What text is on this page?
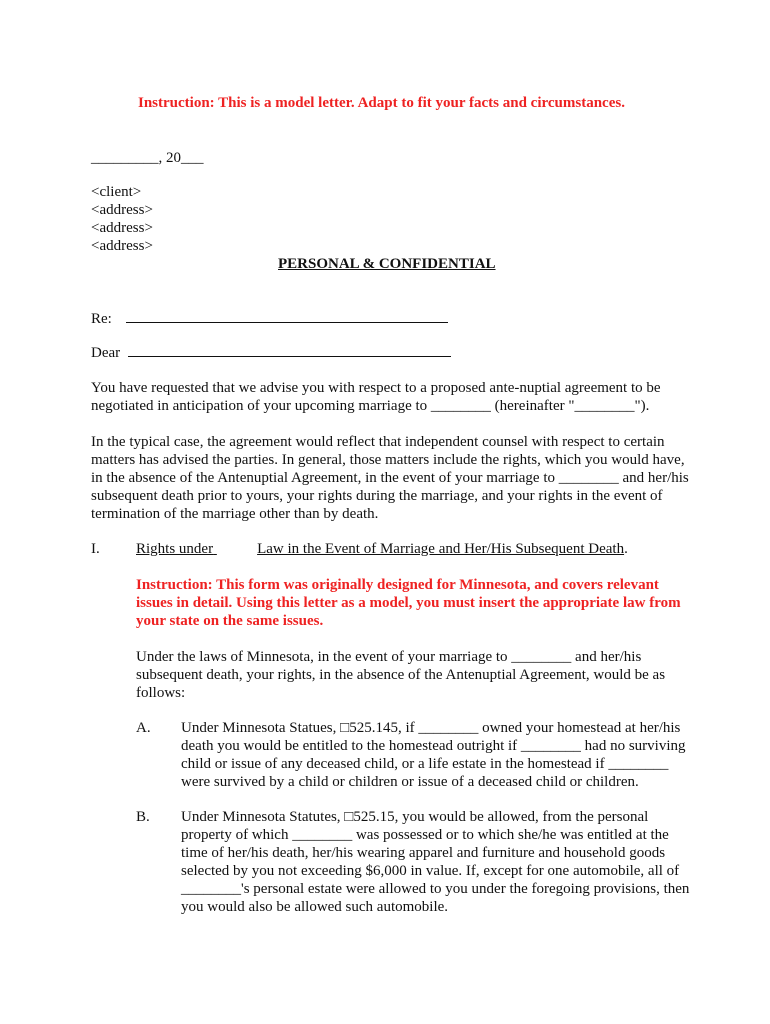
Instruction: This is a model letter. Adapt to fit your facts and circumstances.
_________, 20___
<client>
<address>
<address>
<address>
PERSONAL & CONFIDENTIAL
Re:
Dear
You have requested that we advise you with respect to a proposed ante-nuptial agreement to be
negotiated in anticipation of your upcoming marriage to ________ (hereinafter "________").
In the typical case, the agreement would reflect that independent counsel with respect to certain
matters has advised the parties. In general, those matters include the rights, which you would have,
in the absence of the Antenuptial Agreement, in the event of your marriage to ________ and her/his
subsequent death prior to yours, your rights during the marriage, and your rights in the event of
termination of the marriage other than by death.
I. Rights under	Law in the Event of Marriage and Her/His Subsequent Death.
Instruction: This form was originally designed for Minnesota, and covers relevant
issues in detail. Using this letter as a model, you must insert the appropriate law from
your state on the same issues.
Under the laws of Minnesota, in the event of your marriage to ________ and her/his
subsequent death, your rights, in the absence of the Antenuptial Agreement, would be as
follows:
A. Under Minnesota Statues, □525.145, if ________ owned your homestead at her/his
death you would be entitled to the homestead outright if ________ had no surviving
child or issue of any deceased child, or a life estate in the homestead if ________
were survived by a child or children or issue of a deceased child or children.
B. Under Minnesota Statutes, □525.15, you would be allowed, from the personal
property of which ________ was possessed or to which she/he was entitled at the
time of her/his death, her/his wearing apparel and furniture and household goods
selected by you not exceeding $6,000 in value. If, except for one automobile, all of
________'s personal estate were allowed to you under the foregoing provisions, then
you would also be allowed such automobile.
